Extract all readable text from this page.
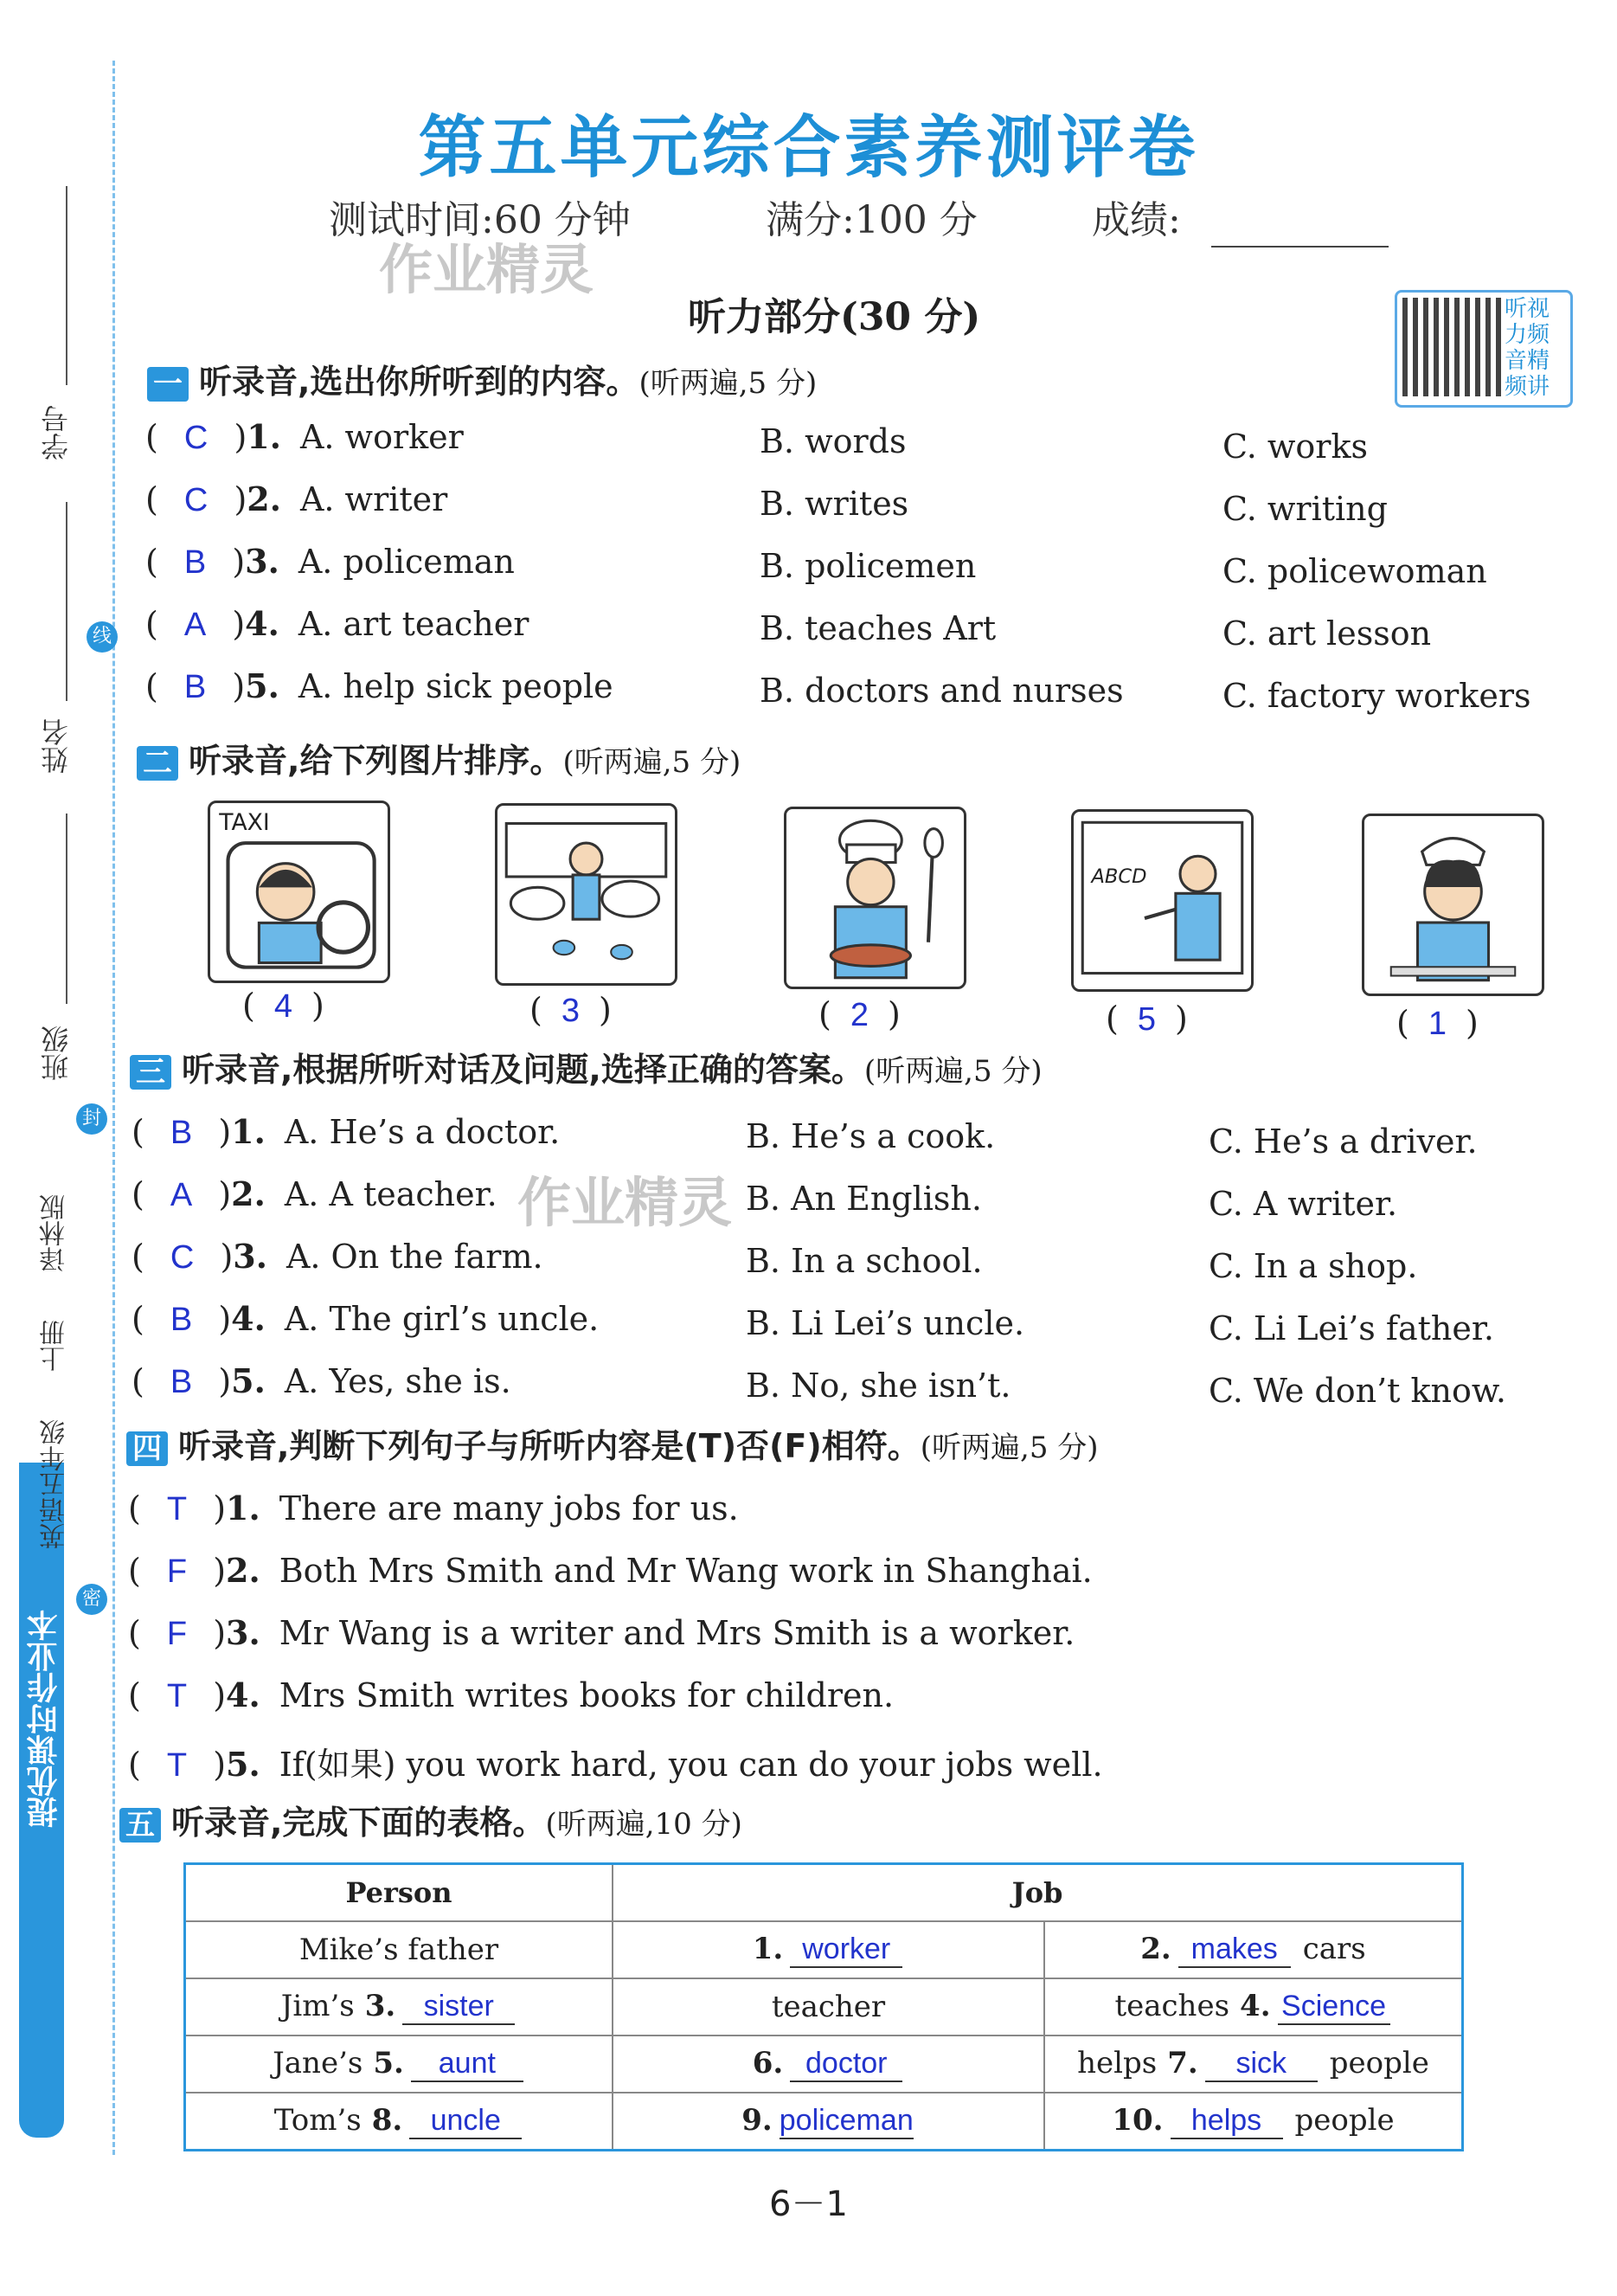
提优课时作业本
学号
姓名
班级
译林版
上册
英语五年级
线
封
密
第五单元综合素养测评卷
测试时间:60 分钟	满分:100 分	成绩:
作业精灵
听力部分(30 分)	听视力频音精频讲
一 听录音,选出你所听到的内容。(听两遍,5 分)
二 听录音,给下列图片排序。(听两遍,5 分)
TAXI
ABCD
( 4 )	( 3 )	( 2 )	( 5 )	( 1 )
三 听录音,根据所听对话及问题,选择正确的答案。(听两遍,5 分)
作业精灵
四 听录音,判断下列句子与所听内容是(T)否(F)相符。(听两遍,5 分)
五 听录音,完成下面的表格。(听两遍,10 分)
Person	Job	
Mike’s father	1. worker	2. makes cars
Jim’s 3. sister	teacher	teaches 4. Science
Jane’s 5. aunt	6. doctor	helps 7. sick people
Tom’s 8. uncle	9. policeman	10. helps people
6－1
( C )1. A. worker	B. words	C. works
( C )2. A. writer	B. writes	C. writing
( B )3. A. policeman	B. policemen	C. policewoman
( A )4. A. art teacher	B. teaches Art	C. art lesson
( B )5. A. help sick people	B. doctors and nurses	C. factory workers
( B )1. A. He’s a doctor.	B. He’s a cook.	C. He’s a driver.
( A )2. A. A teacher.	B. An English.	C. A writer.
( C )3. A. On the farm.	B. In a school.	C. In a shop.
( B )4. A. The girl’s uncle.	B. Li Lei’s uncle.	C. Li Lei’s father.
( B )5. A. Yes, she is.	B. No, she isn’t.	C. We don’t know.
( T )1. There are many jobs for us.
( F )2. Both Mrs Smith and Mr Wang work in Shanghai.
( F )3. Mr Wang is a writer and Mrs Smith is a worker.
( T )4. Mrs Smith writes books for children.
( T )5. If(如果) you work hard, you can do your jobs well.
